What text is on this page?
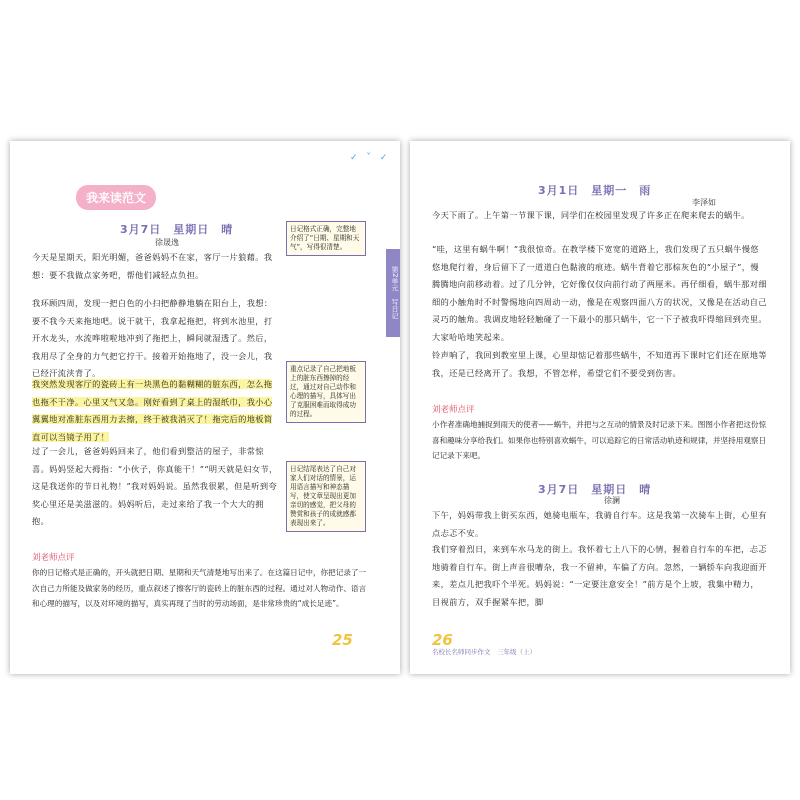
✓ ˅ ✓
我来读范文
3月7日　星期日　晴
徐晟逸

今天是星期天，阳光明媚，爸爸妈妈不在家，客厅一片狼藉。我想：要不我做点家务吧，帮他们减轻点负担。

我环顾四周，发现一把白色的小扫把静静地躺在阳台上，我想：要不我今天来拖地吧。说干就干，我拿起拖把，将到水池里，打开水龙头，水流哗啦啦地冲到了拖把上，瞬间就湿透了。然后，我用尽了全身的力气把它拧干。接着开始拖地了，没一会儿，我已经汗流浃背了。

我突然发现客厅的瓷砖上有一块黑色的黏糊糊的脏东西，怎么拖也拖不干净。心里又气又急。刚好看到了桌上的湿纸巾，我小心翼翼地对准脏东西用力去擦，终于被我消灭了！拖完后的地板简直可以当镜子用了！

过了一会儿，爸爸妈妈回来了，他们看到整洁的屋子，非常惊喜。妈妈竖起大拇指：“小伙子，你真能干！”“明天就是妇女节，这是我送你的节日礼物！”我对妈妈说。虽然我很累，但是听到夸奖心里还是美滋滋的。妈妈听后，走过来给了我一个大大的拥抱。

日记格式正确，完整地介绍了“日期、星期和天气”，写得很清楚。
重点记录了自己把地板上的脏东西擦掉的经过，通过对自己动作和心理的描写，具体写出了克服困难而取得成功的过程。
日记结尾表达了自己对家人们对话的情景，运用语言描写和神态描写，使文章呈现出更加亲切的感觉，把父母的赞赏和孩子的成就感都表现出来了。
刘老师点评

你的日记格式是正确的，开头就把日期、星期和天气清楚地写出来了。在这篇日记中，你把记录了一次自己力所能及做家务的经历，重点叙述了擦客厅的瓷砖上的脏东西的过程。通过对人物动作、语言和心理的描写，以及对环境的描写，真实再现了当时的劳动场面，是非常珍贵的“成长足迹”。

25
第2单元　写日记
3月1日　星期一　雨
李泽如

今天下雨了。上午第一节课下课，同学们在校园里发现了许多正在爬来爬去的蜗牛。

“哇，这里有蜗牛啊！”我很惊奇。在教学楼下宽宽的道路上，我们发现了五只蜗牛慢悠悠地爬行着，身后留下了一道道白色黏液的痕迹。蜗牛背着它那棕灰色的“小屋子”，慢腾腾地向前移动着。过了几分钟，它好像仅仅向前行动了两厘米。再仔细看，蜗牛那对细细的小触角时不时警惕地向四周动一动，像是在观察四面八方的状况，又像是在活动自己灵巧的触角。我调皮地轻轻触碰了一下最小的那只蜗牛，它一下子被我吓得缩回到壳里。大家哈哈地笑起来。

铃声响了，我回到教室里上课，心里却惦记着那些蜗牛，不知道再下课时它们还在原地等我，还是已经离开了。我想，不管怎样，希望它们不要受到伤害。

刘老师点评

小作者准确地捕捉到雨天的使者——蜗牛，并把与之互动的情景及时记录下来。图图小作者把这份惊喜和趣味分享给我们。如果你也特别喜欢蜗牛，可以追踪它的日常活动轨迹和规律，并坚持用观察日记记录下来吧。

3月7日　星期日　晴
徐澜

下午，妈妈带我上街买东西，她骑电瓶车，我骑自行车。这是我第一次骑车上街，心里有点忐忑不安。

我们穿着烈日，来到车水马龙的街上。我怀着七上八下的心情，握着自行车的车把，忐忑地骑着自行车。街上声音很嘈杂，我一不留神，车偏了方向。忽然，一辆轿车向我迎面开来，差点儿把我吓个半死。妈妈说：“一定要注意安全！”前方是个上坡，我集中精力，目视前方，双手握紧车把，脚

26
名校长名师同步作文　三年级（上）
